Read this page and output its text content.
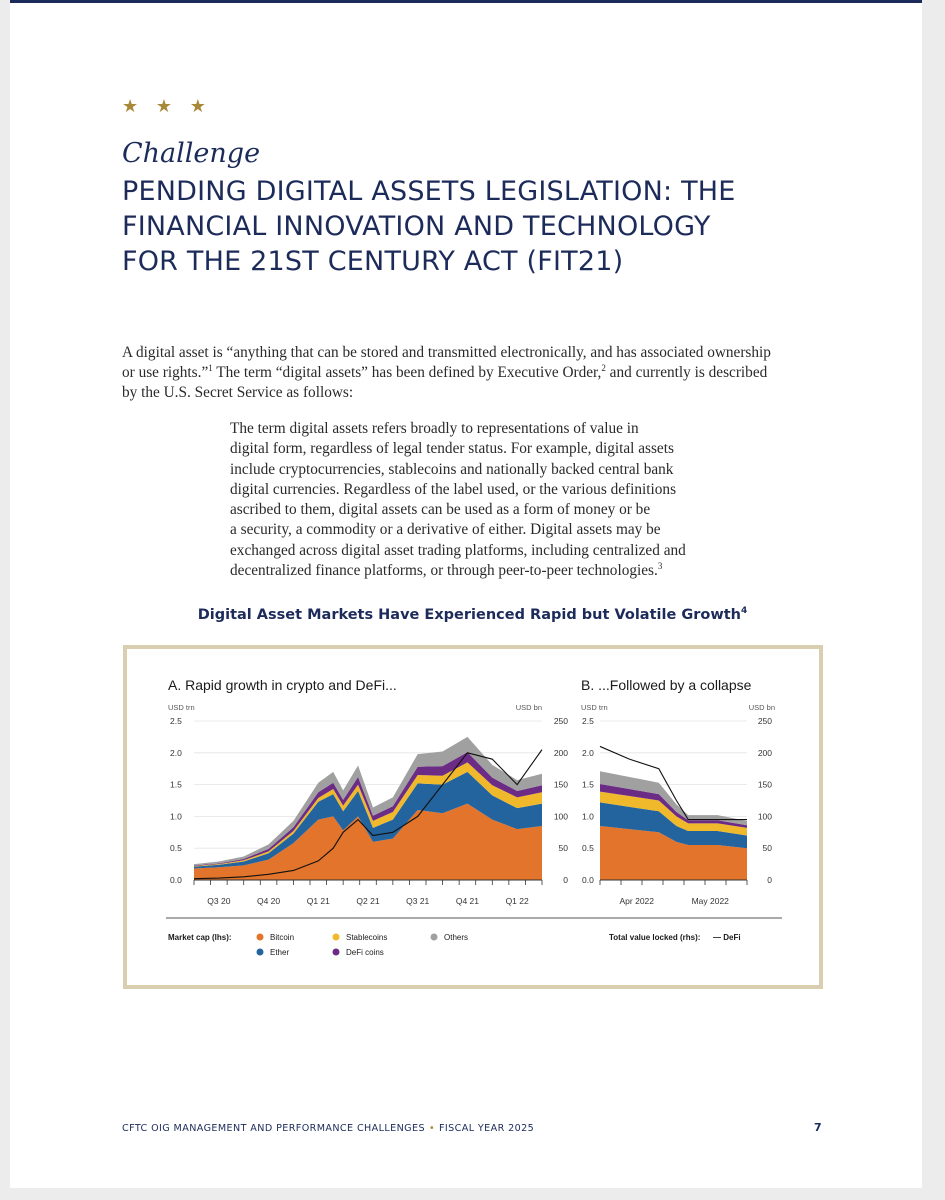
★ ★ ★
Challenge
PENDING DIGITAL ASSETS LEGISLATION: THE
FINANCIAL INNOVATION AND TECHNOLOGY
FOR THE 21ST CENTURY ACT (FIT21)
A digital asset is “anything that can be stored and transmitted electronically, and has associated ownership
or use rights.”$^1$ The term “digital assets” has been defined by Executive Order,$^2$ and currently is described
by the U.S. Secret Service as follows:
The term digital assets refers broadly to representations of value in
digital form, regardless of legal tender status. For example, digital assets
include cryptocurrencies, stablecoins and nationally backed central bank
digital currencies. Regardless of the label used, or the various definitions
ascribed to them, digital assets can be used as a form of money or be
a security, a commodity or a derivative of either. Digital assets may be
exchanged across digital asset trading platforms, including centralized and
decentralized finance platforms, or through peer-to-peer technologies.$^3$
Digital Asset Markets Have Experienced Rapid but Volatile Growth$^4$
A. Rapid growth in crypto and DeFi...
USD trn	USD bn
0.0	0
0.5	50
1.0	100
1.5	150
2.0	200
2.5	250
Q3 20	Q4 20	Q1 21	Q2 21	Q3 21	Q4 21	Q1 22
B. ...Followed by a collapse
USD trn	USD bn
0.0	0
0.5	50
1.0	100
1.5	150
2.0	200
2.5	250
Apr 2022	May 2022
Market cap (lhs):	Bitcoin	Stablecoins	Others
Ether	DeFi coins
Total value locked (rhs): — DeFi
CFTC OIG MANAGEMENT AND PERFORMANCE CHALLENGES • FISCAL YEAR 2025	7
